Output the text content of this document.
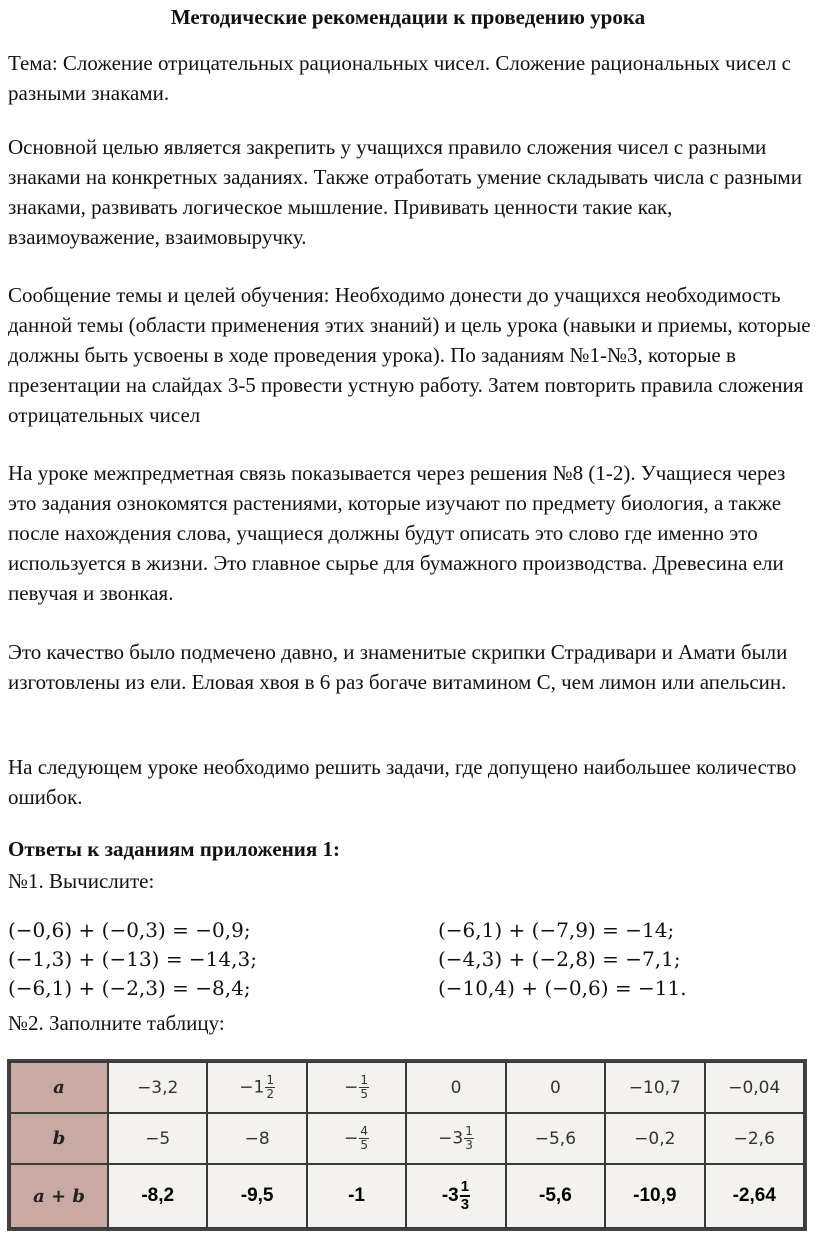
Методические рекомендации к проведению урока

Тема: Сложение отрицательных рациональных чисел. Сложение рациональных чисел с разными знаками.

Основной целью является закрепить у учащихся правило сложения чисел с разными знаками на конкретных заданиях. Также отработать умение складывать числа с разными знаками, развивать логическое мышление. Прививать ценности такие как, взаимоуважение, взаимовыручку.

Сообщение темы и целей обучения: Необходимо донести до учащихся необходимость данной темы (области применения этих знаний) и цель урока (навыки и приемы, которые должны быть усвоены в ходе проведения урока). По заданиям №1-№3, которые в презентации на слайдах 3-5 провести устную работу. Затем повторить правила сложения отрицательных чисел

На уроке межпредметная связь показывается через решения №8 (1-2). Учащиеся через это задания ознокомятся растениями, которые изучают по предмету биология, а также после нахождения слова, учащиеся должны будут описать это слово где именно это используется в жизни. Это главное сырье для бумажного производства. Древесина ели певучая и звонкая.

Это качество было подмечено давно, и знаменитые скрипки Страдивари и Амати были изготовлены из ели. Еловая хвоя в 6 раз богаче витамином С, чем лимон или апельсин.

На следующем уроке необходимо решить задачи, где допущено наибольшее количество ошибок.

Ответы к заданиям приложения 1:

№1. Вычислите:

(−0,6) + (−0,3) = −0,9;
(−1,3) + (−13) = −14,3;
(−6,1) + (−2,3) = −8,4;
(−6,1) + (−7,9) = −14;
(−4,3) + (−2,8) = −7,1;
(−10,4) + (−0,6) = −11.

№2. Заполните таблицу:

a	−3,2	$-1 \frac{1}{2}$	− $\frac{1}{5}$	0	0	−10,7	−0,04
b	−5	−8	− $\frac{4}{5}$	$-3 \frac{1}{3}$	−5,6	−0,2	−2,6
a + b	-8,2	-9,5	-1	$-3 \frac{1}{3}$	-5,6	-10,9	-2,64
